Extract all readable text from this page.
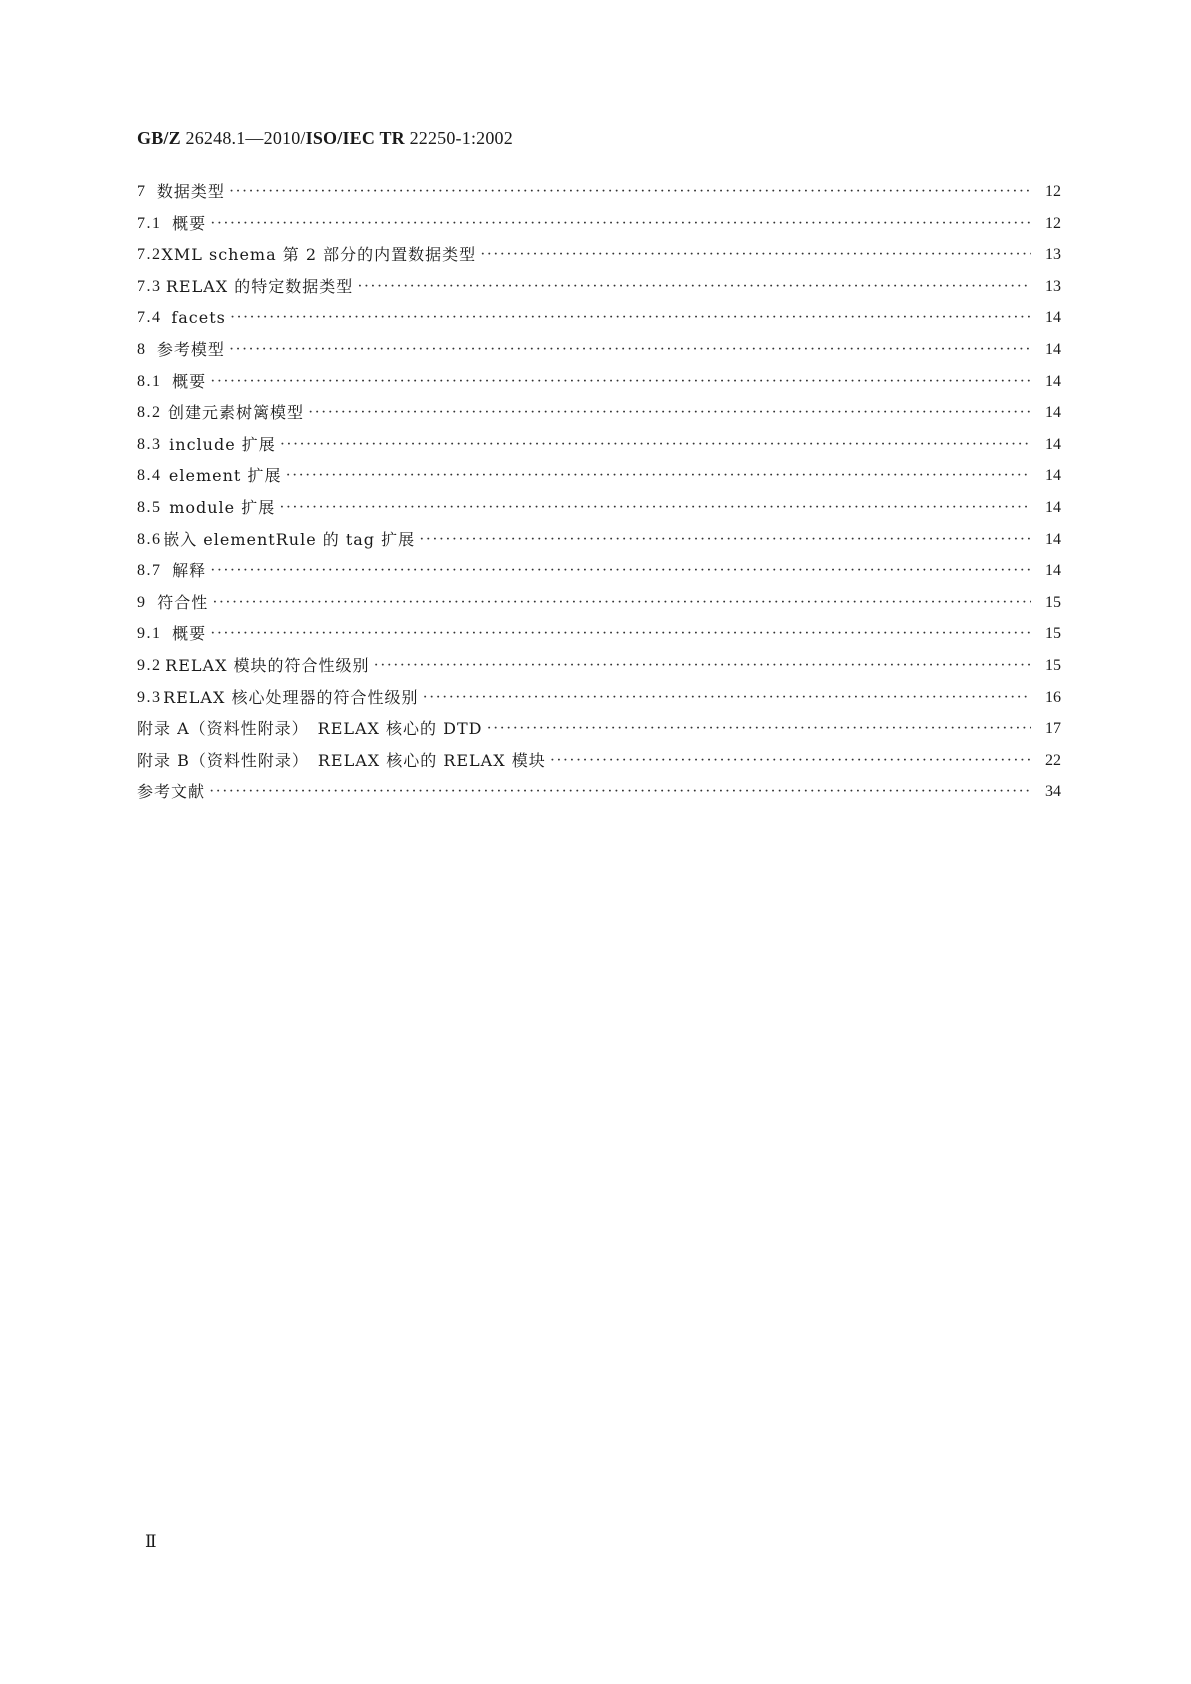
GB/Z 26248.1—2010/ISO/IEC TR 22250-1:2002
7 数据类型 ·····	12
7.1 概要 ·····	12
7.2 XML schema 第 2 部分的内置数据类型 ·····	13
7.3 RELAX 的特定数据类型 ·····	13
7.4 facets ·····	14
8 参考模型 ·····	14
8.1 概要 ·····	14
8.2 创建元素树篱模型 ·····	14
8.3 include 扩展 ·····	14
8.4 element 扩展 ·····	14
8.5 module 扩展 ·····	14
8.6 嵌入 elementRule 的 tag 扩展 ·····	14
8.7 解释 ·····	14
9 符合性 ·····	15
9.1 概要 ·····	15
9.2 RELAX 模块的符合性级别 ·····	15
9.3 RELAX 核心处理器的符合性级别 ·····	16
附录 A（资料性附录）　RELAX 核心的 DTD ·····	17
附录 B（资料性附录）　RELAX 核心的 RELAX 模块 ·····	22
参考文献 ·····	34
Ⅱ
